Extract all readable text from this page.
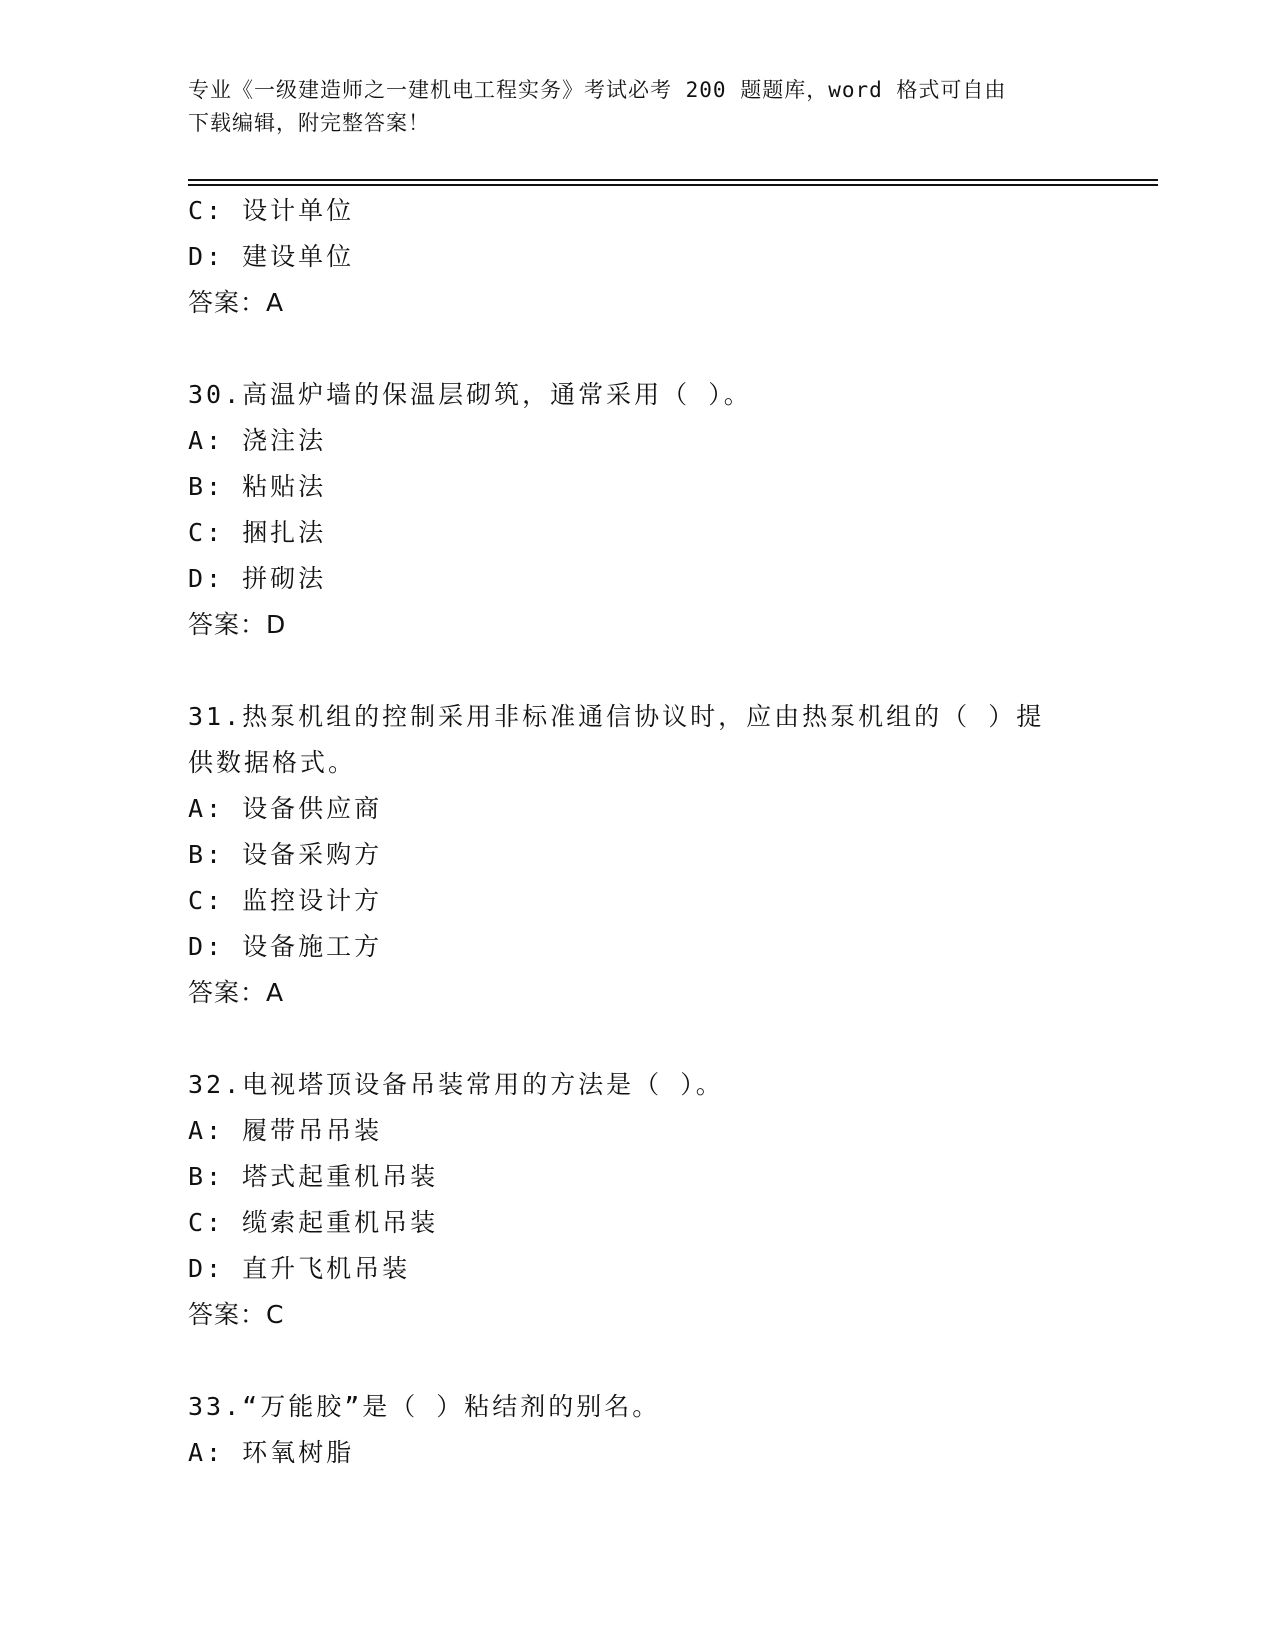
专业《一级建造师之一建机电工程实务》考试必考 200 题题库，word 格式可自由
下载编辑，附完整答案！
C: 设计单位
D: 建设单位
答案：A
30.高温炉墙的保温层砌筑，通常采用（ ）。
A: 浇注法
B: 粘贴法
C: 捆扎法
D: 拼砌法
答案：D
31.热泵机组的控制采用非标准通信协议时，应由热泵机组的（ ）提
供数据格式。
A: 设备供应商
B: 设备采购方
C: 监控设计方
D: 设备施工方
答案：A
32.电视塔顶设备吊装常用的方法是（ ）。
A: 履带吊吊装
B: 塔式起重机吊装
C: 缆索起重机吊装
D: 直升飞机吊装
答案：C
33.“万能胶”是（ ）粘结剂的别名。
A: 环氧树脂
